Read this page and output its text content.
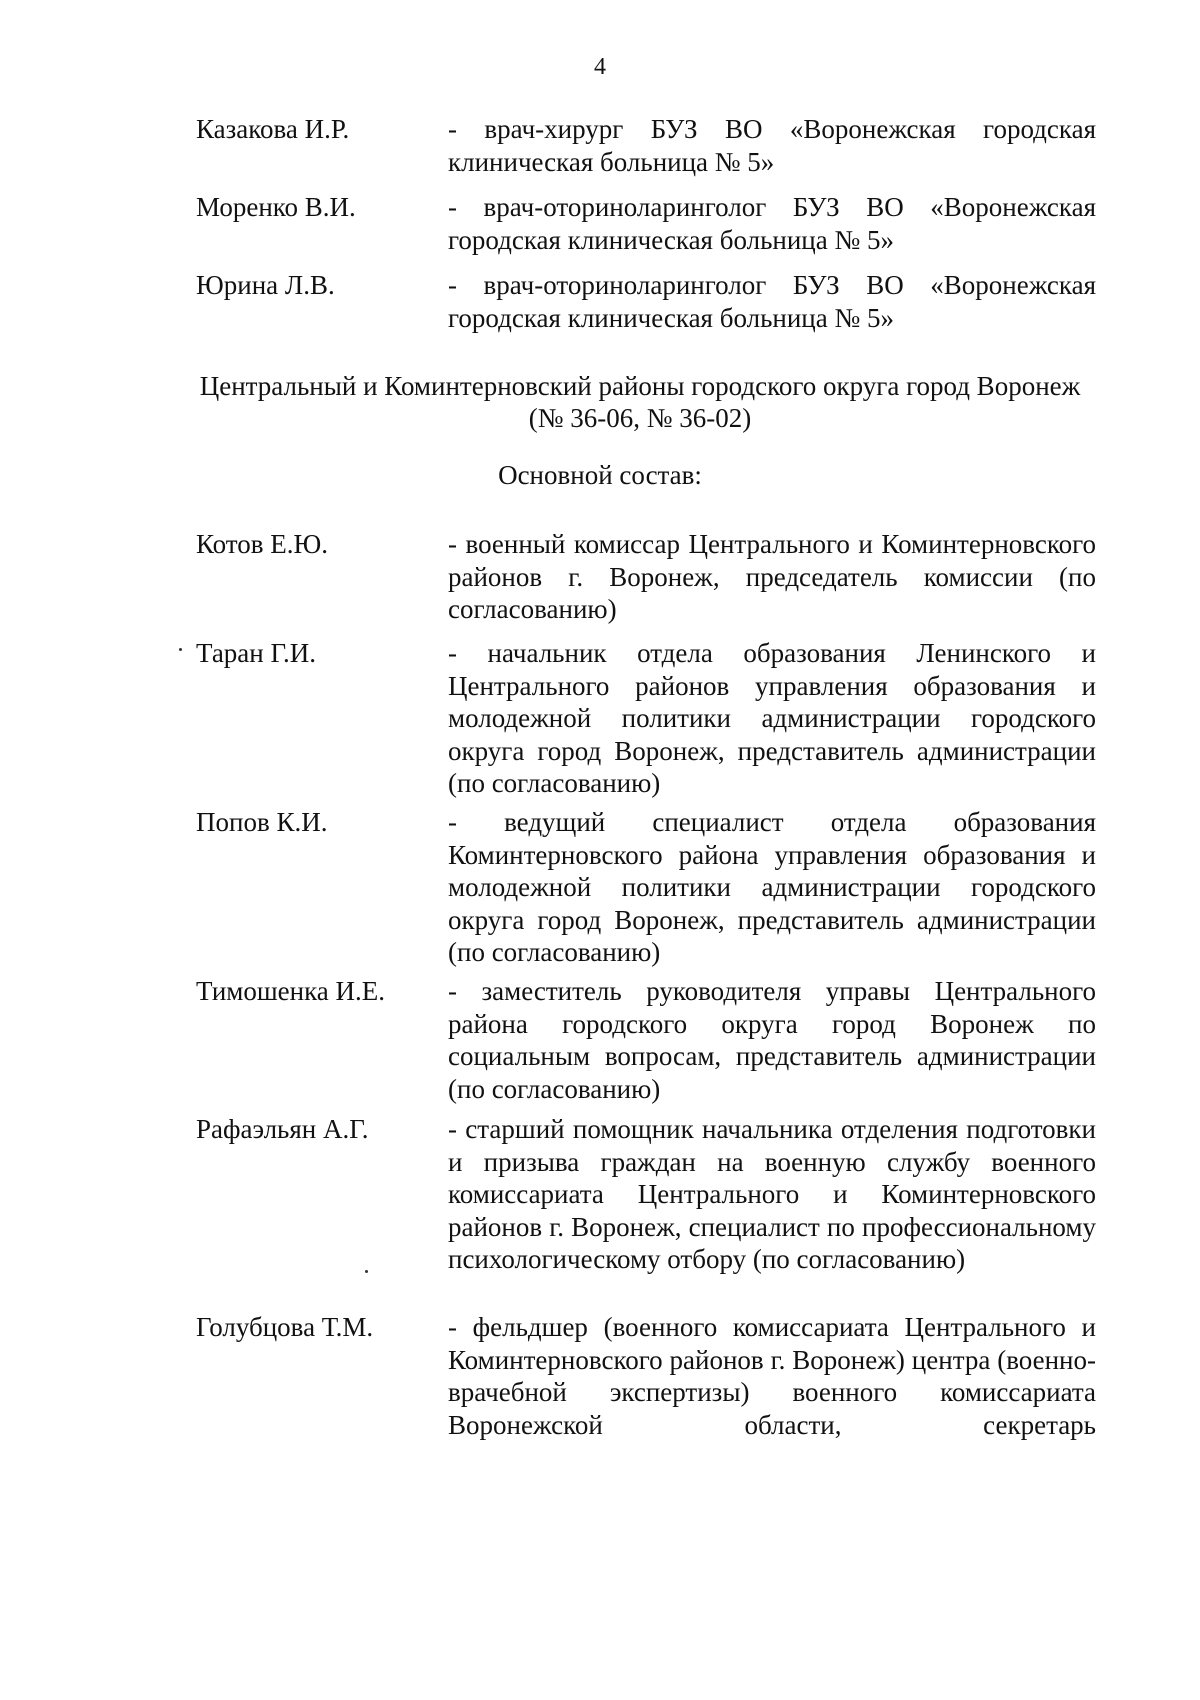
4
Казакова И.Р.	- врач-хирург БУЗ ВО «Воронежская городская клиническая больница № 5»
Моренко В.И.	- врач-оториноларинголог БУЗ ВО «Воронежская городская клиническая больница № 5»
Юрина Л.В.	- врач-оториноларинголог БУЗ ВО «Воронежская городская клиническая больница № 5»
Центральный и Коминтерновский районы городского округа город Воронеж
(№ 36-06, № 36-02)
Основной состав:
Котов Е.Ю.	- военный комиссар Центрального и Коминтерновского районов г. Воронеж, председатель комиссии (по согласованию)
Таран Г.И.	- начальник отдела образования Ленинского и Центрального районов управления образования и молодежной политики администрации городского округа город Воронеж, представитель администрации (по согласованию)
Попов К.И.	- ведущий специалист отдела образования Коминтерновского района управления образования и молодежной политики администрации городского округа город Воронеж, представитель администрации (по согласованию)
Тимошенка И.Е. - заместитель руководителя управы Центрального района городского округа город Воронеж по социальным вопросам, представитель администрации (по согласованию)
Рафаэльян А.Г.	- старший помощник начальника отделения подготовки и призыва граждан на военную службу военного комиссариата Центрального и Коминтерновского районов г. Воронеж, специалист по профессиональному психологическому отбору (по согласованию)
Голубцова Т.М.	- фельдшер (военного комиссариата Центрального и Коминтерновского районов г. Воронеж) центра (военно-врачебной экспертизы) военного комиссариата Воронежской области, секретарь
